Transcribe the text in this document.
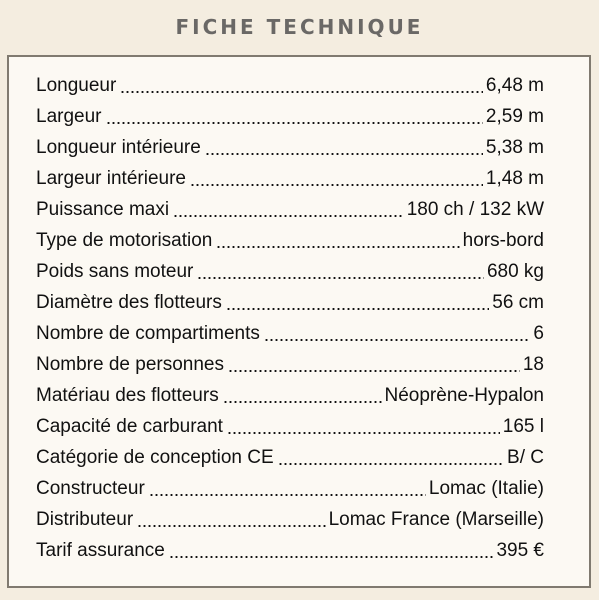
FICHE TECHNIQUE
Longueur	6,48 m
Largeur	2,59 m
Longueur intérieure	5,38 m
Largeur intérieure	1,48 m
Puissance maxi	180 ch / 132 kW
Type de motorisation	hors-bord
Poids sans moteur	680 kg
Diamètre des flotteurs	56 cm
Nombre de compartiments	6
Nombre de personnes	18
Matériau des flotteurs	Néoprène-Hypalon
Capacité de carburant	165 l
Catégorie de conception CE	B/ C
Constructeur	Lomac (Italie)
Distributeur	Lomac France (Marseille)
Tarif assurance	395 €
